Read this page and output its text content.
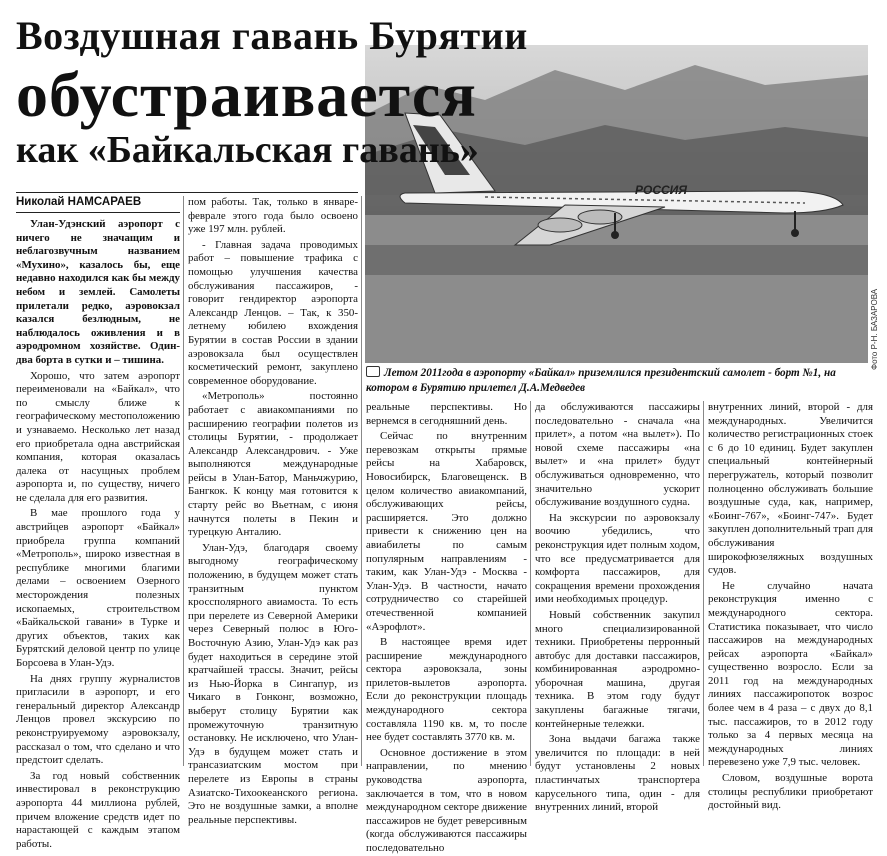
РОССИЯ
Фото Р-Н. БАЗАРОВА
Воздушная гавань Бурятии
обустраивается
как «Байкальская гавань»
Николай НАМСАРАЕВ
Летом 2011года в аэропорту «Байкал» приземлился президентский самолет - борт №1, на котором в Бурятию прилетел Д.А.Медведев

Улан-Удэнский аэропорт с ничего не значащим и неблагозвучным названием «Мухино», казалось бы, еще недавно находился как бы между небом и землей. Самолеты прилетали редко, аэровокзал казался безлюдным, не наблюдалось оживления и в аэродромном хозяйстве. Один-два борта в сутки и – тишина.

Хорошо, что затем аэропорт переименовали на «Байкал», что по смыслу ближе к географическому местоположению и узнаваемо. Несколько лет назад его приобретала одна австрийская компания, которая оказалась далека от насущных проблем аэропорта и, по существу, ничего не сделала для его развития.

В мае прошлого года у австрийцев аэропорт «Байкал» приобрела группа компаний «Метрополь», широко известная в республике многими благими делами – освоением Озерного месторождения полезных ископаемых, строительством «Байкальской гавани» в Турке и других объектов, таких как Бурятский деловой центр по улице Борсоева в Улан-Удэ.

На днях группу журналистов пригласили в аэропорт, и его генеральный директор Александр Ленцов провел экскурсию по реконструируемому аэровокзалу, рассказал о том, что сделано и что предстоит сделать.

За год новый собственник инвестировал в реконструкцию аэропорта 44 миллиона рублей, причем вложение средств идет по нарастающей с каждым этапом работы.

пом работы. Так, только в январе-феврале этого года было освоено уже 197 млн. рублей.

- Главная задача проводимых работ – повышение трафика с помощью улучшения качества обслуживания пассажиров, - говорит гендиректор аэропорта Александр Ленцов. – Так, к 350-летнему юбилею вхождения Бурятии в состав России в здании аэровокзала был осуществлен косметический ремонт, закуплено современное оборудование.

«Метрополь» постоянно работает с авиакомпаниями по расширению географии полетов из столицы Бурятии, - продолжает Александр Александрович. - Уже выполняются международные рейсы в Улан-Батор, Маньчжурию, Бангкок. К концу мая готовится к старту рейс во Вьетнам, с июня начнутся полеты в Пекин и турецкую Анталию.

Улан-Удэ, благодаря своему выгодному географическому положению, в будущем может стать транзитным пунктом кроссполярного авиамоста. То есть при перелете из Северной Америки через Северный полюс в Юго-Восточную Азию, Улан-Удэ как раз будет находиться в середине этой кратчайшей трассы. Значит, рейсы из Нью-Йорка в Сингапур, из Чикаго в Гонконг, возможно, выберут столицу Бурятии как промежуточную транзитную остановку. Не исключено, что Улан-Удэ в будущем может стать и трансазиатским мостом при перелете из Европы в страны Азиатско-Тихоокеанского региона. Это не воздушные замки, а вполне реальные перспективы.

реальные перспективы. Но вернемся в сегодняшний день.

Сейчас по внутренним перевозкам открыты прямые рейсы на Хабаровск, Новосибирск, Благовещенск. В целом количество авиакомпаний, обслуживающих рейсы, расширяется. Это должно привести к снижению цен на авиабилеты по самым популярным направлениям - таким, как Улан-Удэ - Москва - Улан-Удэ. В частности, начато сотрудничество со старейшей отечественной компанией «Аэрофлот».

В настоящее время идет расширение международного сектора аэровокзала, зоны прилетов-вылетов аэропорта. Если до реконструкции площадь международного сектора составляла 1190 кв. м, то после нее будет составлять 3770 кв. м.

Основное достижение в этом направлении, по мнению руководства аэропорта, заключается в том, что в новом международном секторе движение пассажиров не будет реверсивным (когда обслуживаются пассажиры последовательно

да обслуживаются пассажиры последовательно - сначала «на прилет», а потом «на вылет»). По новой схеме пассажиры «на вылет» и «на прилет» будут обслуживаться одновременно, что значительно ускорит обслуживание воздушного судна.

На экскурсии по аэровокзалу воочию убедились, что реконструкция идет полным ходом, что все предусматривается для комфорта пассажиров, для сокращения времени прохождения ими необходимых процедур.

Новый собственник закупил много специализированной техники. Приобретены перронный автобус для доставки пассажиров, комбинированная аэродромно-уборочная машина, другая техника. В этом году будут закуплены багажные тягачи, контейнерные тележки.

Зона выдачи багажа также увеличится по площади: в ней будут установлены 2 новых пластинчатых транспортера карусельного типа, один - для внутренних линий, второй

внутренних линий, второй - для международных. Увеличится количество регистрационных стоек с 6 до 10 единиц. Будет закуплен специальный контейнерный перегружатель, который позволит полноценно обслуживать большие воздушные суда, как, например, «Боинг-767», «Боинг-747». Будет закуплен дополнительный трап для обслуживания широкофюзеляжных воздушных судов.

Не случайно начата реконструкция именно с международного сектора. Статистика показывает, что число пассажиров на международных рейсах аэропорта «Байкал» существенно возросло. Если за 2011 год на международных линиях пассажиропоток возрос более чем в 4 раза – с двух до 8,1 тыс. пассажиров, то в 2012 году только за 4 первых месяца на международных линиях перевезено уже 7,9 тыс. человек.

Словом, воздушные ворота столицы республики приобретают достойный вид.
